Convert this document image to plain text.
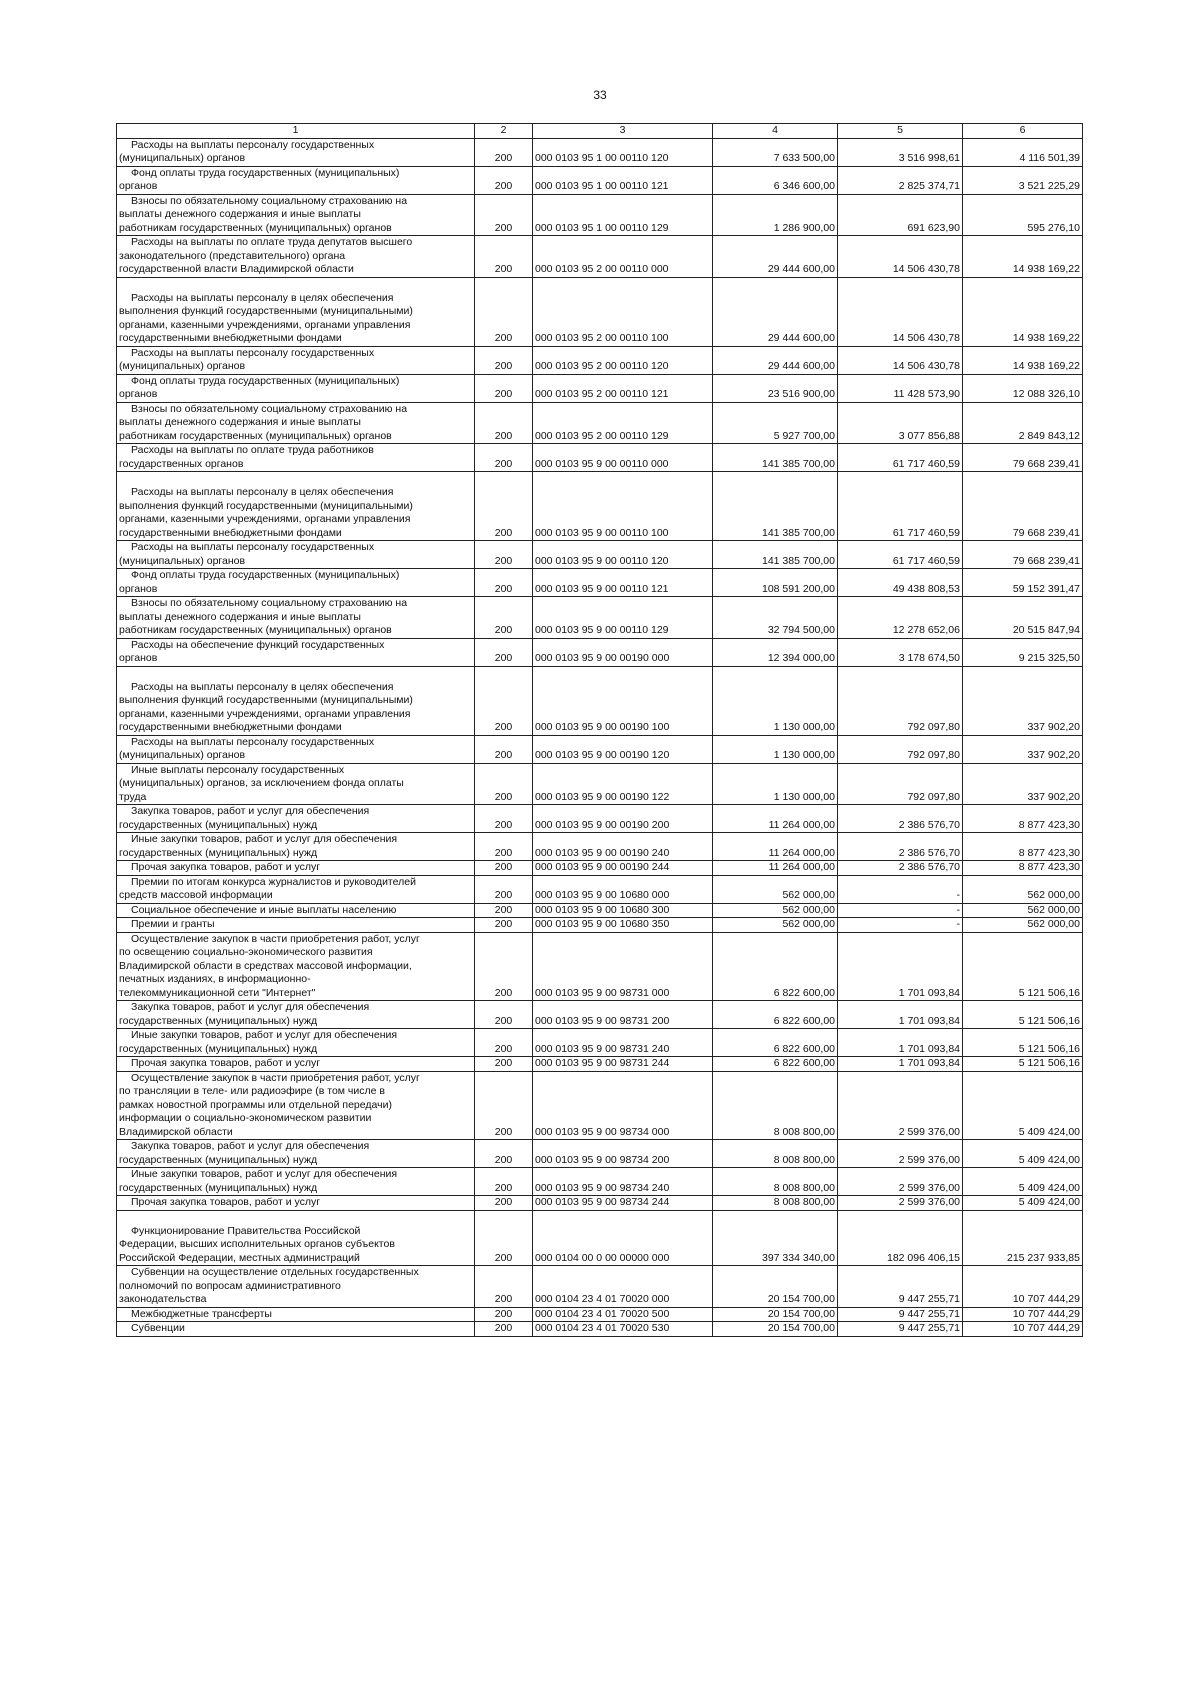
33
1	2	3	4	5	6

Расходы на выплаты персоналу государственных
(муниципальных) органов	200	000 0103 95 1 00 00110 120	7 633 500,00	3 516 998,61	4 116 501,39

Фонд оплаты труда государственных (муниципальных)
органов	200	000 0103 95 1 00 00110 121	6 346 600,00	2 825 374,71	3 521 225,29

Взносы по обязательному социальному страхованию на
выплаты денежного содержания и иные выплаты
работникам государственных (муниципальных) органов	200	000 0103 95 1 00 00110 129	1 286 900,00	691 623,90	595 276,10

Расходы на выплаты по оплате труда депутатов высшего
законодательного (представительного) органа
государственной власти Владимирской области	200	000 0103 95 2 00 00110 000	29 444 600,00	14 506 430,78	14 938 169,22

Расходы на выплаты персоналу в целях обеспечения
выполнения функций государственными (муниципальными)
органами, казенными учреждениями, органами управления
государственными внебюджетными фондами	200	000 0103 95 2 00 00110 100	29 444 600,00	14 506 430,78	14 938 169,22

Расходы на выплаты персоналу государственных
(муниципальных) органов	200	000 0103 95 2 00 00110 120	29 444 600,00	14 506 430,78	14 938 169,22

Фонд оплаты труда государственных (муниципальных)
органов	200	000 0103 95 2 00 00110 121	23 516 900,00	11 428 573,90	12 088 326,10

Взносы по обязательному социальному страхованию на
выплаты денежного содержания и иные выплаты
работникам государственных (муниципальных) органов	200	000 0103 95 2 00 00110 129	5 927 700,00	3 077 856,88	2 849 843,12

Расходы на выплаты по оплате труда работников
государственных органов	200	000 0103 95 9 00 00110 000	141 385 700,00	61 717 460,59	79 668 239,41

Расходы на выплаты персоналу в целях обеспечения
выполнения функций государственными (муниципальными)
органами, казенными учреждениями, органами управления
государственными внебюджетными фондами	200	000 0103 95 9 00 00110 100	141 385 700,00	61 717 460,59	79 668 239,41

Расходы на выплаты персоналу государственных
(муниципальных) органов	200	000 0103 95 9 00 00110 120	141 385 700,00	61 717 460,59	79 668 239,41

Фонд оплаты труда государственных (муниципальных)
органов	200	000 0103 95 9 00 00110 121	108 591 200,00	49 438 808,53	59 152 391,47

Взносы по обязательному социальному страхованию на
выплаты денежного содержания и иные выплаты
работникам государственных (муниципальных) органов	200	000 0103 95 9 00 00110 129	32 794 500,00	12 278 652,06	20 515 847,94

Расходы на обеспечение функций государственных
органов	200	000 0103 95 9 00 00190 000	12 394 000,00	3 178 674,50	9 215 325,50

Расходы на выплаты персоналу в целях обеспечения
выполнения функций государственными (муниципальными)
органами, казенными учреждениями, органами управления
государственными внебюджетными фондами	200	000 0103 95 9 00 00190 100	1 130 000,00	792 097,80	337 902,20

Расходы на выплаты персоналу государственных
(муниципальных) органов	200	000 0103 95 9 00 00190 120	1 130 000,00	792 097,80	337 902,20

Иные выплаты персоналу государственных
(муниципальных) органов, за исключением фонда оплаты
труда	200	000 0103 95 9 00 00190 122	1 130 000,00	792 097,80	337 902,20

Закупка товаров, работ и услуг для обеспечения
государственных (муниципальных) нужд	200	000 0103 95 9 00 00190 200	11 264 000,00	2 386 576,70	8 877 423,30

Иные закупки товаров, работ и услуг для обеспечения
государственных (муниципальных) нужд	200	000 0103 95 9 00 00190 240	11 264 000,00	2 386 576,70	8 877 423,30

Прочая закупка товаров, работ и услуг	200	000 0103 95 9 00 00190 244	11 264 000,00	2 386 576,70	8 877 423,30

Премии по итогам конкурса журналистов и руководителей
средств массовой информации	200	000 0103 95 9 00 10680 000	562 000,00	-	562 000,00

Социальное обеспечение и иные выплаты населению	200	000 0103 95 9 00 10680 300	562 000,00	-	562 000,00

Премии и гранты	200	000 0103 95 9 00 10680 350	562 000,00	-	562 000,00

Осуществление закупок в части приобретения работ, услуг
по освещению социально-экономического развития
Владимирской области в средствах массовой информации,
печатных изданиях, в информационно-
телекоммуникационной сети "Интернет"	200	000 0103 95 9 00 98731 000	6 822 600,00	1 701 093,84	5 121 506,16

Закупка товаров, работ и услуг для обеспечения
государственных (муниципальных) нужд	200	000 0103 95 9 00 98731 200	6 822 600,00	1 701 093,84	5 121 506,16

Иные закупки товаров, работ и услуг для обеспечения
государственных (муниципальных) нужд	200	000 0103 95 9 00 98731 240	6 822 600,00	1 701 093,84	5 121 506,16

Прочая закупка товаров, работ и услуг	200	000 0103 95 9 00 98731 244	6 822 600,00	1 701 093,84	5 121 506,16

Осуществление закупок в части приобретения работ, услуг
по трансляции в теле- или радиоэфире (в том числе в
рамках новостной программы или отдельной передачи)
информации о социально-экономическом развитии
Владимирской области	200	000 0103 95 9 00 98734 000	8 008 800,00	2 599 376,00	5 409 424,00

Закупка товаров, работ и услуг для обеспечения
государственных (муниципальных) нужд	200	000 0103 95 9 00 98734 200	8 008 800,00	2 599 376,00	5 409 424,00

Иные закупки товаров, работ и услуг для обеспечения
государственных (муниципальных) нужд	200	000 0103 95 9 00 98734 240	8 008 800,00	2 599 376,00	5 409 424,00

Прочая закупка товаров, работ и услуг	200	000 0103 95 9 00 98734 244	8 008 800,00	2 599 376,00	5 409 424,00

Функционирование Правительства Российской
Федерации, высших исполнительных органов субъектов
Российской Федерации, местных администраций	200	000 0104 00 0 00 00000 000	397 334 340,00	182 096 406,15	215 237 933,85

Субвенции на осуществление отдельных государственных
полномочий по вопросам административного
законодательства	200	000 0104 23 4 01 70020 000	20 154 700,00	9 447 255,71	10 707 444,29

Межбюджетные трансферты	200	000 0104 23 4 01 70020 500	20 154 700,00	9 447 255,71	10 707 444,29

Субвенции	200	000 0104 23 4 01 70020 530	20 154 700,00	9 447 255,71	10 707 444,29
